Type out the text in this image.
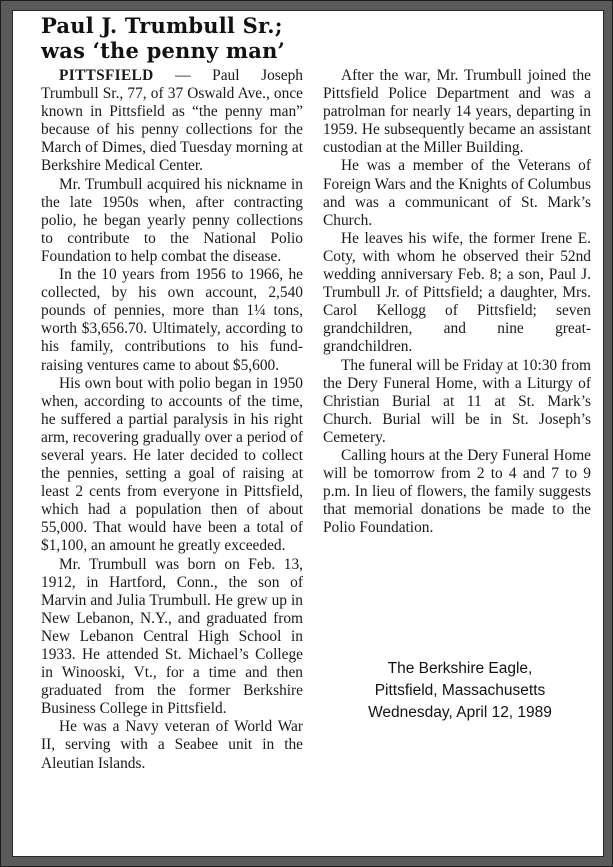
Paul J. Trumbull Sr.;
was ‘the penny man’

PITTSFIELD — Paul Joseph Trumbull Sr., 77, of 37 Oswald Ave., once known in Pittsfield as “the penny man” because of his penny collections for the March of Dimes, died Tuesday morning at Berkshire Medical Center.

Mr. Trumbull acquired his nickname in the late 1950s when, after contracting polio, he began yearly penny collections to contribute to the National Polio Foundation to help combat the disease.

In the 10 years from 1956 to 1966, he collected, by his own account, 2,540 pounds of pennies, more than 1¼ tons, worth $3,656.70. Ultimately, according to his family, contributions to his fund-raising ventures came to about $5,600.

His own bout with polio began in 1950 when, according to accounts of the time, he suffered a partial paralysis in his right arm, recovering gradually over a period of several years. He later decided to collect the pennies, setting a goal of raising at least 2 cents from everyone in Pittsfield, which had a population then of about 55,000. That would have been a total of $1,100, an amount he greatly exceeded.

Mr. Trumbull was born on Feb. 13, 1912, in Hartford, Conn., the son of Marvin and Julia Trumbull. He grew up in New Lebanon, N.Y., and graduated from New Lebanon Central High School in 1933. He attended St. Michael’s College in Winooski, Vt., for a time and then graduated from the former Berkshire Business College in Pittsfield.

He was a Navy veteran of World War II, serving with a Seabee unit in the Aleutian Islands.

After the war, Mr. Trumbull joined the Pittsfield Police Department and was a patrolman for nearly 14 years, departing in 1959. He subsequently became an assistant custodian at the Miller Building.

He was a member of the Veterans of Foreign Wars and the Knights of Columbus and was a communicant of St. Mark’s Church.

He leaves his wife, the former Irene E. Coty, with whom he observed their 52nd wedding anniversary Feb. 8; a son, Paul J. Trumbull Jr. of Pittsfield; a daughter, Mrs. Carol Kellogg of Pittsfield; seven grandchildren, and nine great-grandchildren.

The funeral will be Friday at 10:30 from the Dery Funeral Home, with a Liturgy of Christian Burial at 11 at St. Mark’s Church. Burial will be in St. Joseph’s Cemetery.

Calling hours at the Dery Funeral Home will be tomorrow from 2 to 4 and 7 to 9 p.m. In lieu of flowers, the family suggests that memorial donations be made to the Polio Foundation.

The Berkshire Eagle,
Pittsfield, Massachusetts
Wednesday, April 12, 1989
